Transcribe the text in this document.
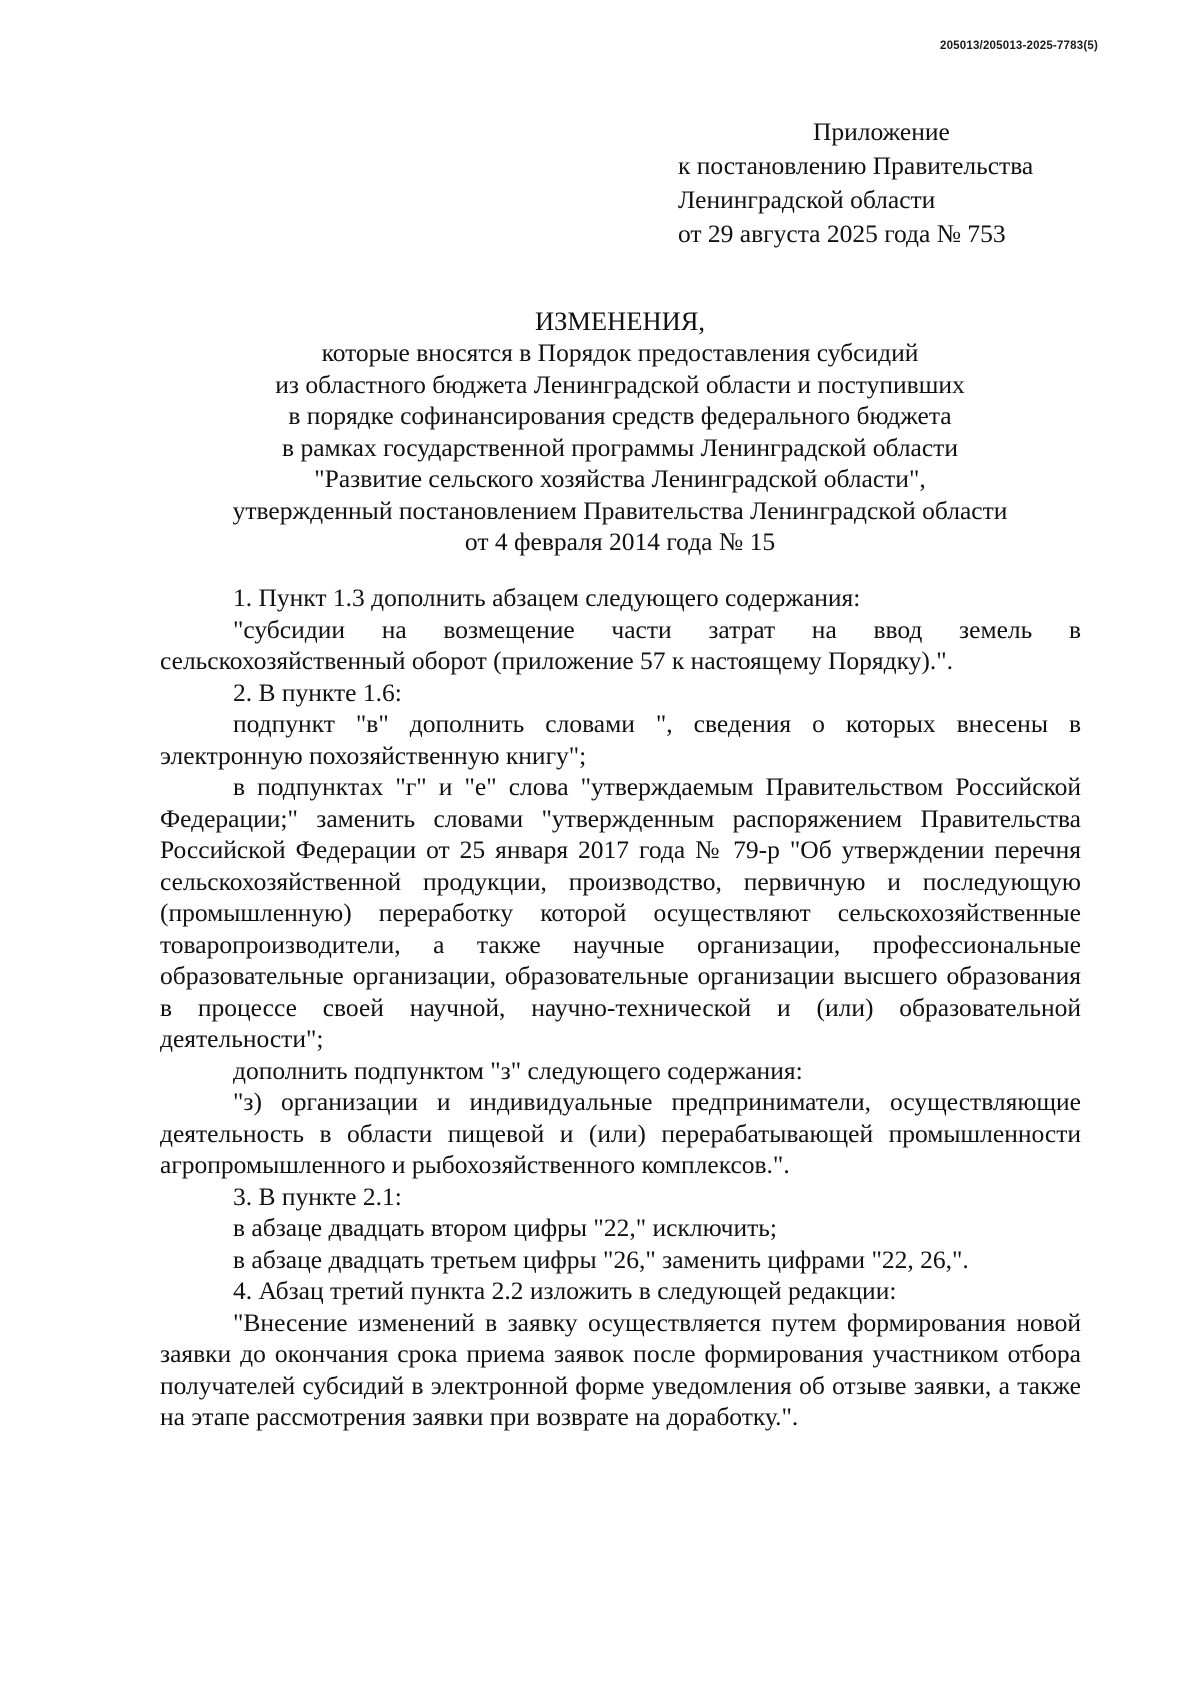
205013/205013-2025-7783(5)
Приложение
к постановлению Правительства
Ленинградской области
от 29 августа 2025 года № 753
ИЗМЕНЕНИЯ,
которые вносятся в Порядок предоставления субсидий
из областного бюджета Ленинградской области и поступивших
в порядке софинансирования средств федерального бюджета
в рамках государственной программы Ленинградской области
"Развитие сельского хозяйства Ленинградской области",
утвержденный постановлением Правительства Ленинградской области
от 4 февраля 2014 года № 15

1. Пункт 1.3 дополнить абзацем следующего содержания:

"субсидии на возмещение части затрат на ввод земель в сельскохозяйственный оборот (приложение 57 к настоящему Порядку).".

2. В пункте 1.6:

подпункт "в" дополнить словами ", сведения о которых внесены в электронную похозяйственную книгу";

в подпунктах "г" и "е" слова "утверждаемым Правительством Российской Федерации;" заменить словами "утвержденным распоряжением Правительства Российской Федерации от 25 января 2017 года № 79-р "Об утверждении перечня сельскохозяйственной продукции, производство, первичную и последующую (промышленную) переработку которой осуществляют сельскохозяйственные товаропроизводители, а также научные организации, профессиональные образовательные организации, образовательные организации высшего образования в процессе своей научной, научно-технической и (или) образовательной деятельности";

дополнить подпунктом "з" следующего содержания:

"з) организации и индивидуальные предприниматели, осуществляющие деятельность в области пищевой и (или) перерабатывающей промышленности агропромышленного и рыбохозяйственного комплексов.".

3. В пункте 2.1:

в абзаце двадцать втором цифры "22," исключить;

в абзаце двадцать третьем цифры "26," заменить цифрами "22, 26,".

4. Абзац третий пункта 2.2 изложить в следующей редакции:

"Внесение изменений в заявку осуществляется путем формирования новой заявки до окончания срока приема заявок после формирования участником отбора получателей субсидий в электронной форме уведомления об отзыве заявки, а также на этапе рассмотрения заявки при возврате на доработку.".
